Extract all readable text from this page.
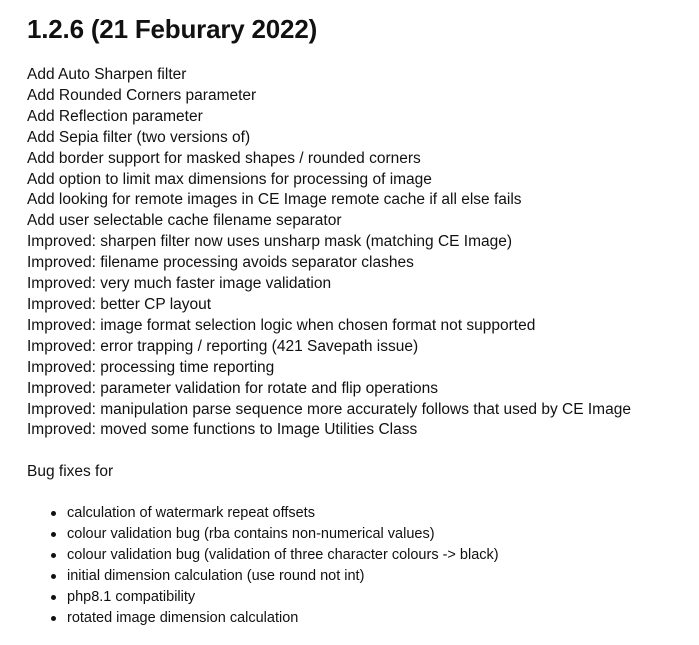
1.2.6 (21 Feburary 2022)
Add Auto Sharpen filter
Add Rounded Corners parameter
Add Reflection parameter
Add Sepia filter (two versions of)
Add border support for masked shapes / rounded corners
Add option to limit max dimensions for processing of image
Add looking for remote images in CE Image remote cache if all else fails
Add user selectable cache filename separator
Improved: sharpen filter now uses unsharp mask (matching CE Image)
Improved: filename processing avoids separator clashes
Improved: very much faster image validation
Improved: better CP layout
Improved: image format selection logic when chosen format not supported
Improved: error trapping / reporting (421 Savepath issue)
Improved: processing time reporting
Improved: parameter validation for rotate and flip operations
Improved: manipulation parse sequence more accurately follows that used by CE Image
Improved: moved some functions to Image Utilities Class

Bug fixes for

calculation of watermark repeat offsets
colour validation bug (rba contains non-numerical values)
colour validation bug (validation of three character colours -> black)
initial dimension calculation (use round not int)
php8.1 compatibility
rotated image dimension calculation
